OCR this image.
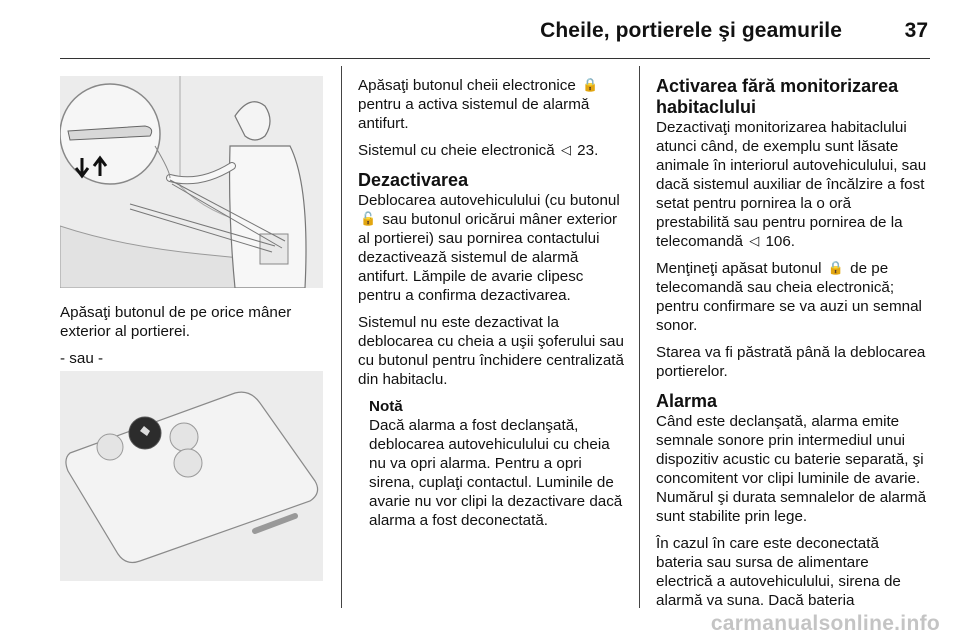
Cheile, portierele şi geamurile	37

Apăsaţi butonul de pe orice mâner exterior al portierei.

- sau -

Apăsaţi butonul cheii electronice 🔒 pentru a activa sistemul de alarmă antifurt.

Sistemul cu cheie electronică ◁ 23.

Dezactivarea

Deblocarea autovehiculului (cu butonul 🔓 sau butonul oricărui mâner exterior al portierei) sau pornirea contactului dezactivează sistemul de alarmă antifurt. Lămpile de avarie clipesc pentru a confirma dezactivarea.

Sistemul nu este dezactivat la deblocarea cu cheia a uşii şoferului sau cu butonul pentru închidere centralizată din habitaclu.

Notă
Dacă alarma a fost declanşată, deblocarea autovehiculului cu cheia nu va opri alarma. Pentru a opri sirena, cuplaţi contactul. Luminile de avarie nu vor clipi la dezactivare dacă alarma a fost deconectată.
Activarea fără monitorizarea habitaclului

Dezactivaţi monitorizarea habitaclului atunci când, de exemplu sunt lăsate animale în interiorul autovehiculului, sau dacă sistemul auxiliar de încălzire a fost setat pentru pornirea la o oră prestabilită sau pentru pornirea de la telecomandă ◁ 106.

Menţineţi apăsat butonul 🔒 de pe telecomandă sau cheia electronică; pentru confirmare se va auzi un semnal sonor.

Starea va fi păstrată până la deblocarea portierelor.

Alarma

Când este declanşată, alarma emite semnale sonore prin intermediul unui dispozitiv acustic cu baterie separată, şi concomitent vor clipi luminile de avarie. Numărul şi durata semnalelor de alarmă sunt stabilite prin lege.

În cazul în care este deconectată bateria sau sursa de alimentare electrică a autovehiculului, sirena de alarmă va suna. Dacă bateria

carmanualsonline.info
